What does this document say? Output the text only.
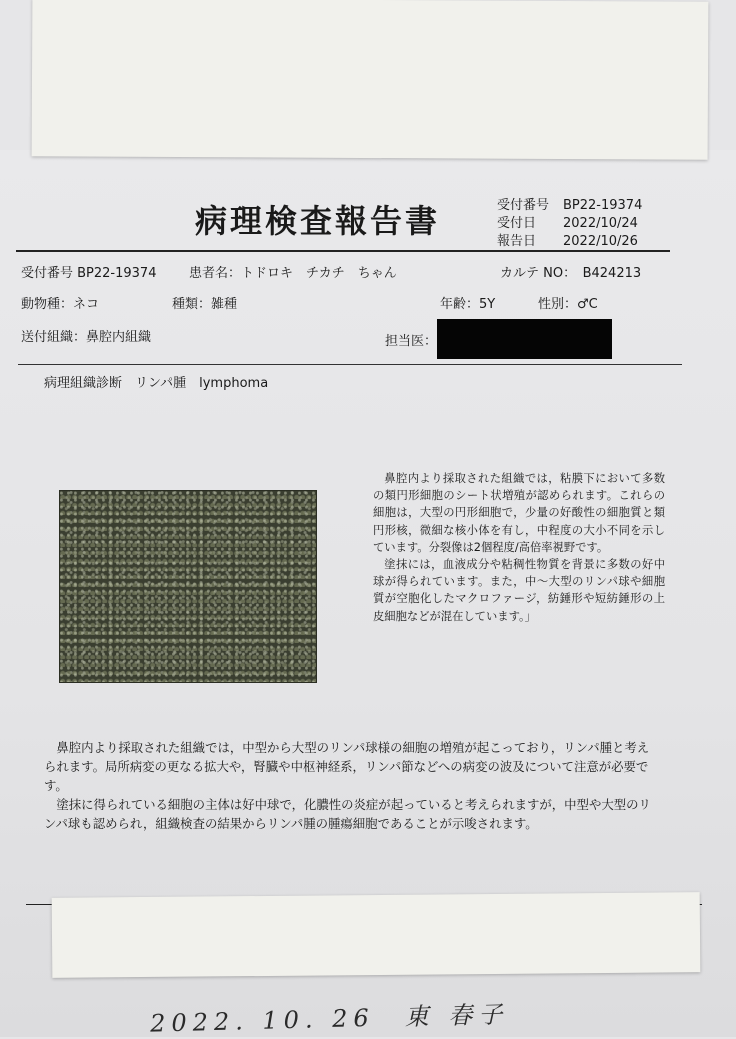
病理検査報告書	受付番号 BP22-19374
受付日 2022/10/24
報告日 2022/10/26
受付番号 BP22-19374	患者名：トドロキ　チカチ　ちゃん	カルテ NO：　B424213
動物種：ネコ	種類：雑種	年齢：5Y	性別：♂C
送付組織：鼻腔内組織	担当医：
病理組織診断　 リンパ腫　lymphoma

鼻腔内より採取された組織では，粘膜下において多数の類円形細胞のシート状増殖が認められます。これらの細胞は，大型の円形細胞で，少量の好酸性の細胞質と類円形核，微細な核小体を有し，中程度の大小不同を示しています。分裂像は2個程度/高倍率視野です。

塗抹には，血液成分や粘稠性物質を背景に多数の好中球が得られています。また，中～大型のリンパ球や細胞質が空胞化したマクロファージ，紡錘形や短紡錘形の上皮細胞などが混在しています。」

鼻腔内より採取された組織では，中型から大型のリンパ球様の細胞の増殖が起こっており，リンパ腫と考えられます。局所病変の更なる拡大や，腎臓や中枢神経系，リンパ節などへの病変の波及について注意が必要です。

塗抹に得られている細胞の主体は好中球で，化膿性の炎症が起っていると考えられますが，中型や大型のリンパ球も認められ，組織検査の結果からリンパ腫の腫瘍細胞であることが示唆されます。

2022. 10. 26　東 春子
